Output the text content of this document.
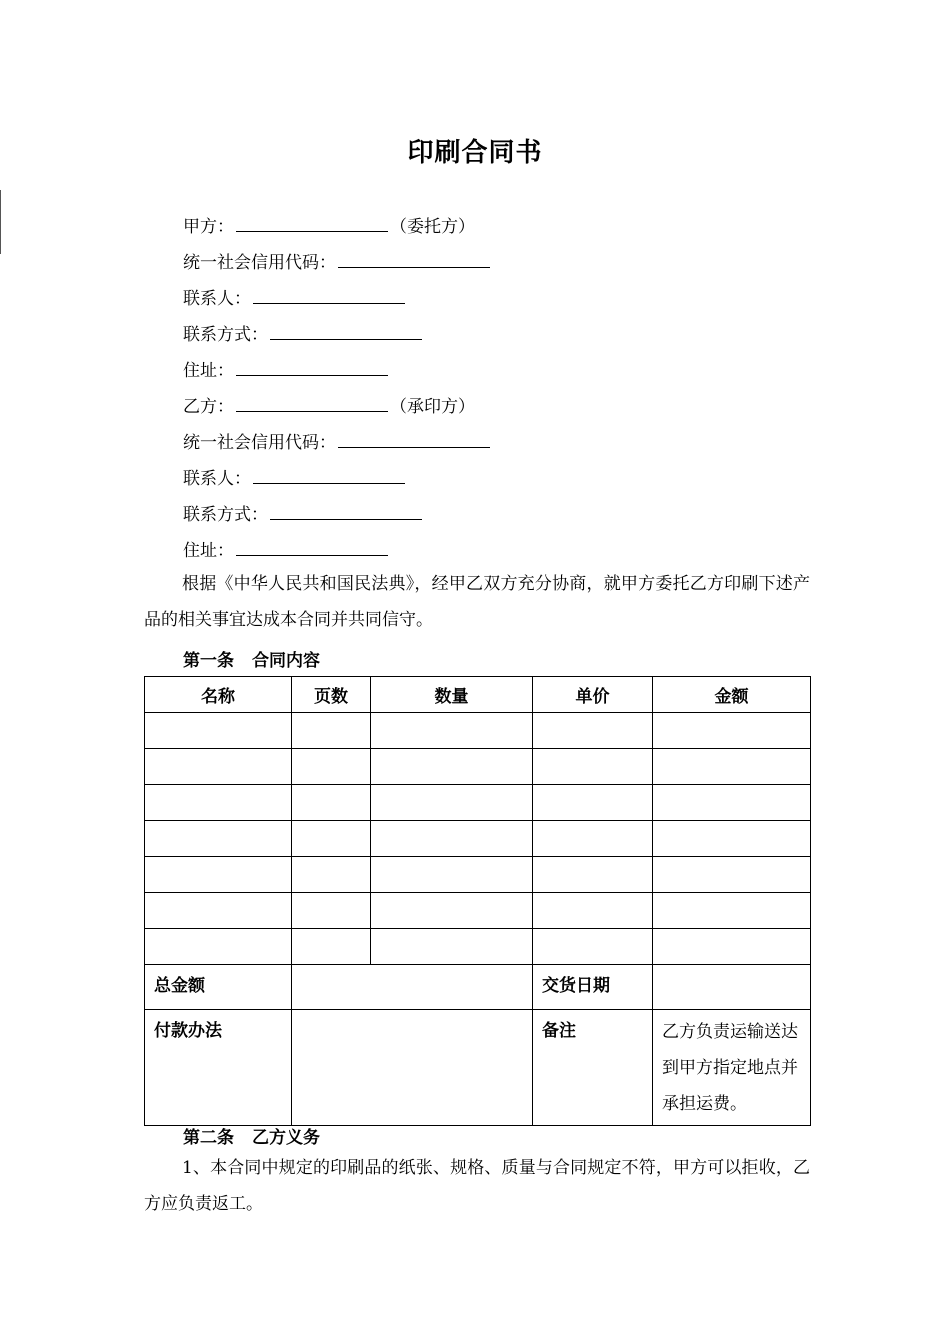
印刷合同书
甲方：	（委托方）
统一社会信用代码：
联系人：
联系方式：
住址：
乙方：	（承印方）
统一社会信用代码：
联系人：
联系方式：
住址：
根据《中华人民共和国民法典》，经甲乙双方充分协商，就甲方委托乙方印刷下述产品的相关事宜达成本合同并共同信守。
第一条 合同内容
名称	页数	数量	单价	金额

总金额			交货日期	
付款办法			备注	乙方负责运输送达到甲方指定地点并承担运费。
第二条 乙方义务
1、本合同中规定的印刷品的纸张、规格、质量与合同规定不符，甲方可以拒收，乙方应负责返工。
